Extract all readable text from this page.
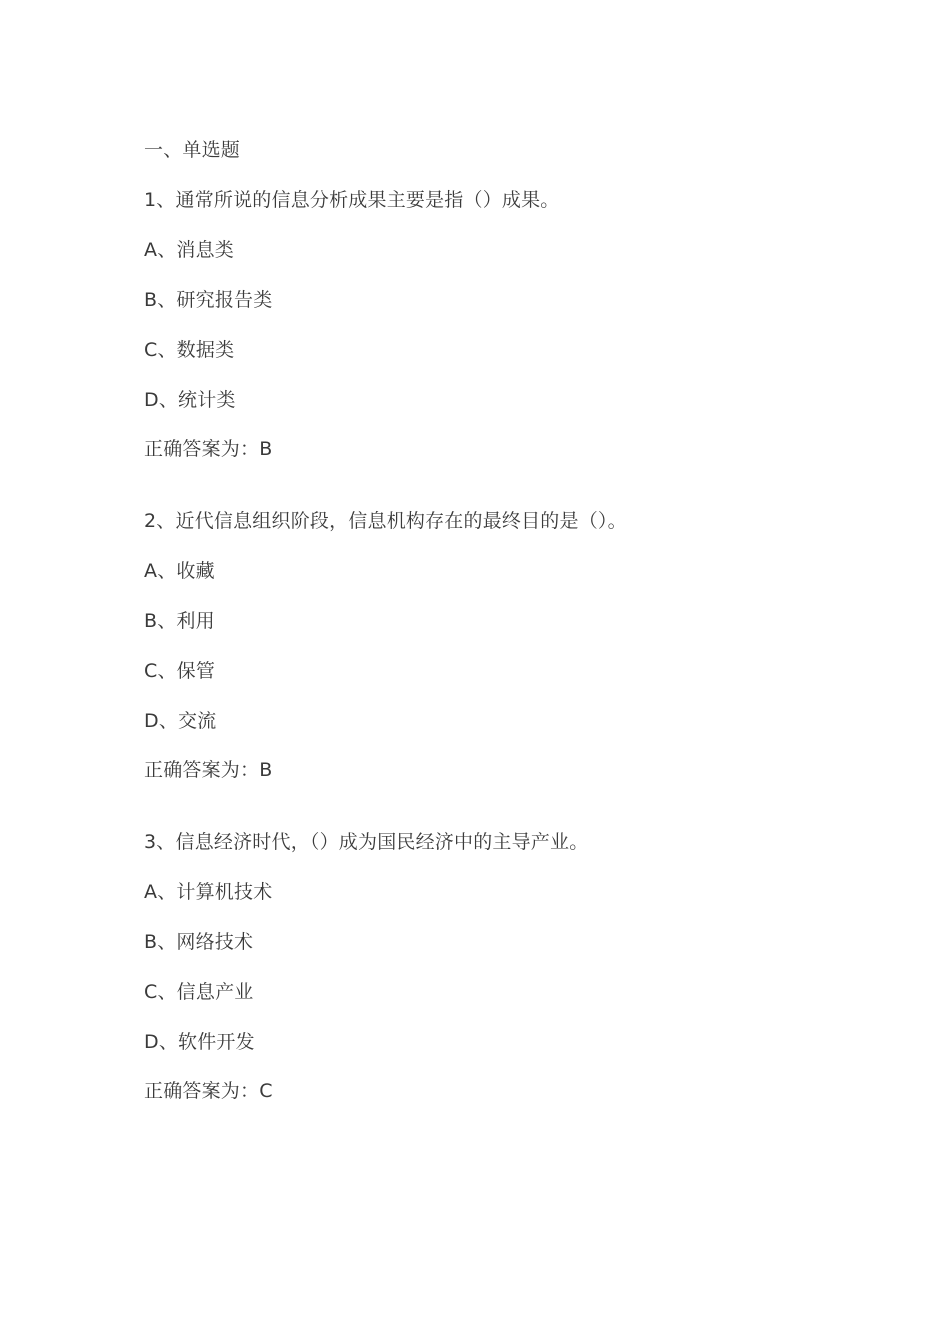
一、单选题
1、通常所说的信息分析成果主要是指（）成果。
A、消息类
B、研究报告类
C、数据类
D、统计类
正确答案为：B
2、近代信息组织阶段，信息机构存在的最终目的是（）。
A、收藏
B、利用
C、保管
D、交流
正确答案为：B
3、信息经济时代，（）成为国民经济中的主导产业。
A、计算机技术
B、网络技术
C、信息产业
D、软件开发
正确答案为：C
